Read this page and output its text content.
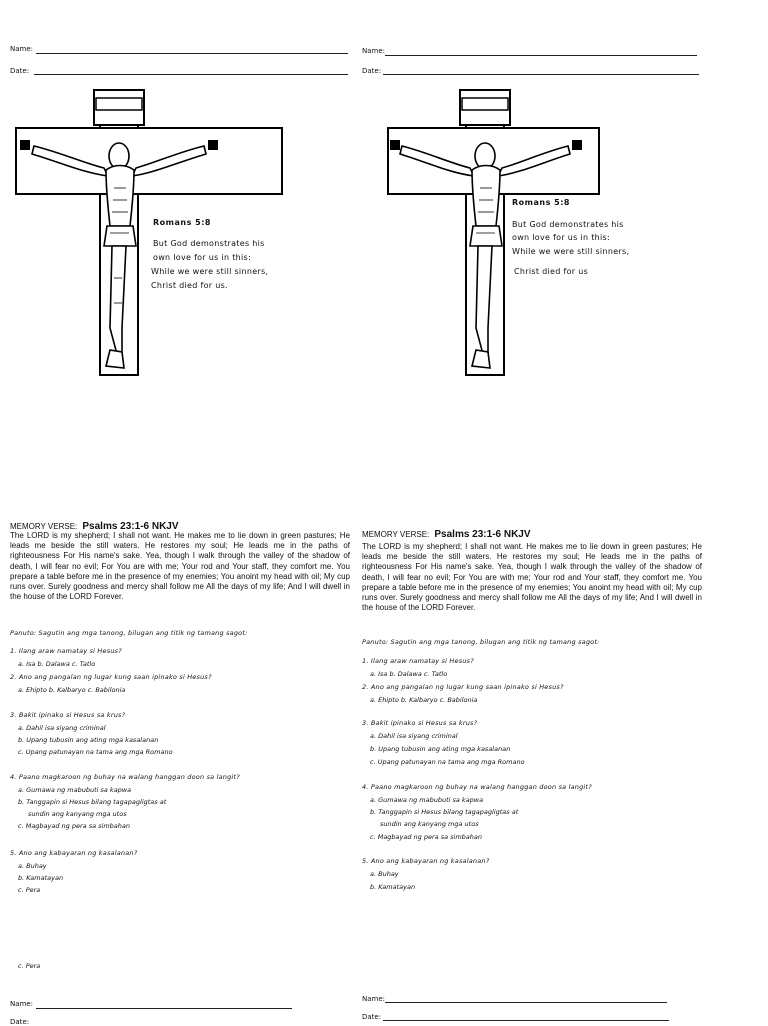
Name:
Date:
Romans 5:8
But God demonstrates his
own love for us in this:
While we were still sinners,
Christ died for us.
MEMORY VERSE: Psalms 23:1-6 NKJV
The LORD is my shepherd; I shall not want. He makes me to lie down in green pastures; He leads me beside the still waters. He restores my soul; He leads me in the paths of righteousness For His name's sake. Yea, though I walk through the valley of the shadow of death, I will fear no evil; For You are with me; Your rod and Your staff, they comfort me. You prepare a table before me in the presence of my enemies; You anoint my head with oil; My cup runs over. Surely goodness and mercy shall follow me All the days of my life; And I will dwell in the house of the LORD Forever.
Panuto: Sagutin ang mga tanong, bilugan ang titik ng tamang sagot:
1. Ilang araw namatay si Hesus?
a. Isa b. Dalawa c. Tatlo
2. Ano ang pangalan ng lugar kung saan ipinako si Hesus?
a. Ehipto b. Kalbaryo c. Babilonia
3. Bakit ipinako si Hesus sa krus?
a. Dahil isa siyang criminal
b. Upang tubusin ang ating mga kasalanan
c. Upang patunayan na tama ang mga Romano
4. Paano magkaroon ng buhay na walang hanggan doon sa langit?
a. Gumawa ng mabubuti sa kapwa
b. Tanggapin si Hesus bilang tagapagligtas at
sundin ang kanyang mga utos
c. Magbayad ng pera sa simbahan
5. Ano ang kabayaran ng kasalanan?
a. Buhay
b. Kamatayan
c. Pera
c. Pera
Name:
Date:
Name:
Date:
Romans 5:8
But God demonstrates his
own love for us in this:
While we were still sinners,
Christ died for us
MEMORY VERSE: Psalms 23:1-6 NKJV
The LORD is my shepherd; I shall not want. He makes me to lie down in green pastures; He leads me beside the still waters. He restores my soul; He leads me in the paths of righteousness For His name's sake. Yea, though I walk through the valley of the shadow of death, I will fear no evil; For You are with me; Your rod and Your staff, they comfort me. You prepare a table before me in the presence of my enemies; You anoint my head with oil; My cup runs over. Surely goodness and mercy shall follow me All the days of my life; And I will dwell in the house of the LORD Forever.
Panuto: Sagutin ang mga tanong, bilugan ang titik ng tamang sagot:
1. Ilang araw namatay si Hesus?
a. Isa b. Dalawa c. Tatlo
2. Ano ang pangalan ng lugar kung saan ipinako si Hesus?
a. Ehipto b. Kalbaryo c. Babilonia
3. Bakit ipinako si Hesus sa krus?
a. Dahil isa siyang criminal
b. Upang tubusin ang ating mga kasalanan
c. Upang patunayan na tama ang mga Romano
4. Paano magkaroon ng buhay na walang hanggan doon sa langit?
a. Gumawa ng mabubuti sa kapwa
b. Tanggapin si Hesus bilang tagapagligtas at
sundin ang kanyang mga utos
c. Magbayad ng pera sa simbahan
5. Ano ang kabayaran ng kasalanan?
a. Buhay
b. Kamatayan
Name:
Date:
